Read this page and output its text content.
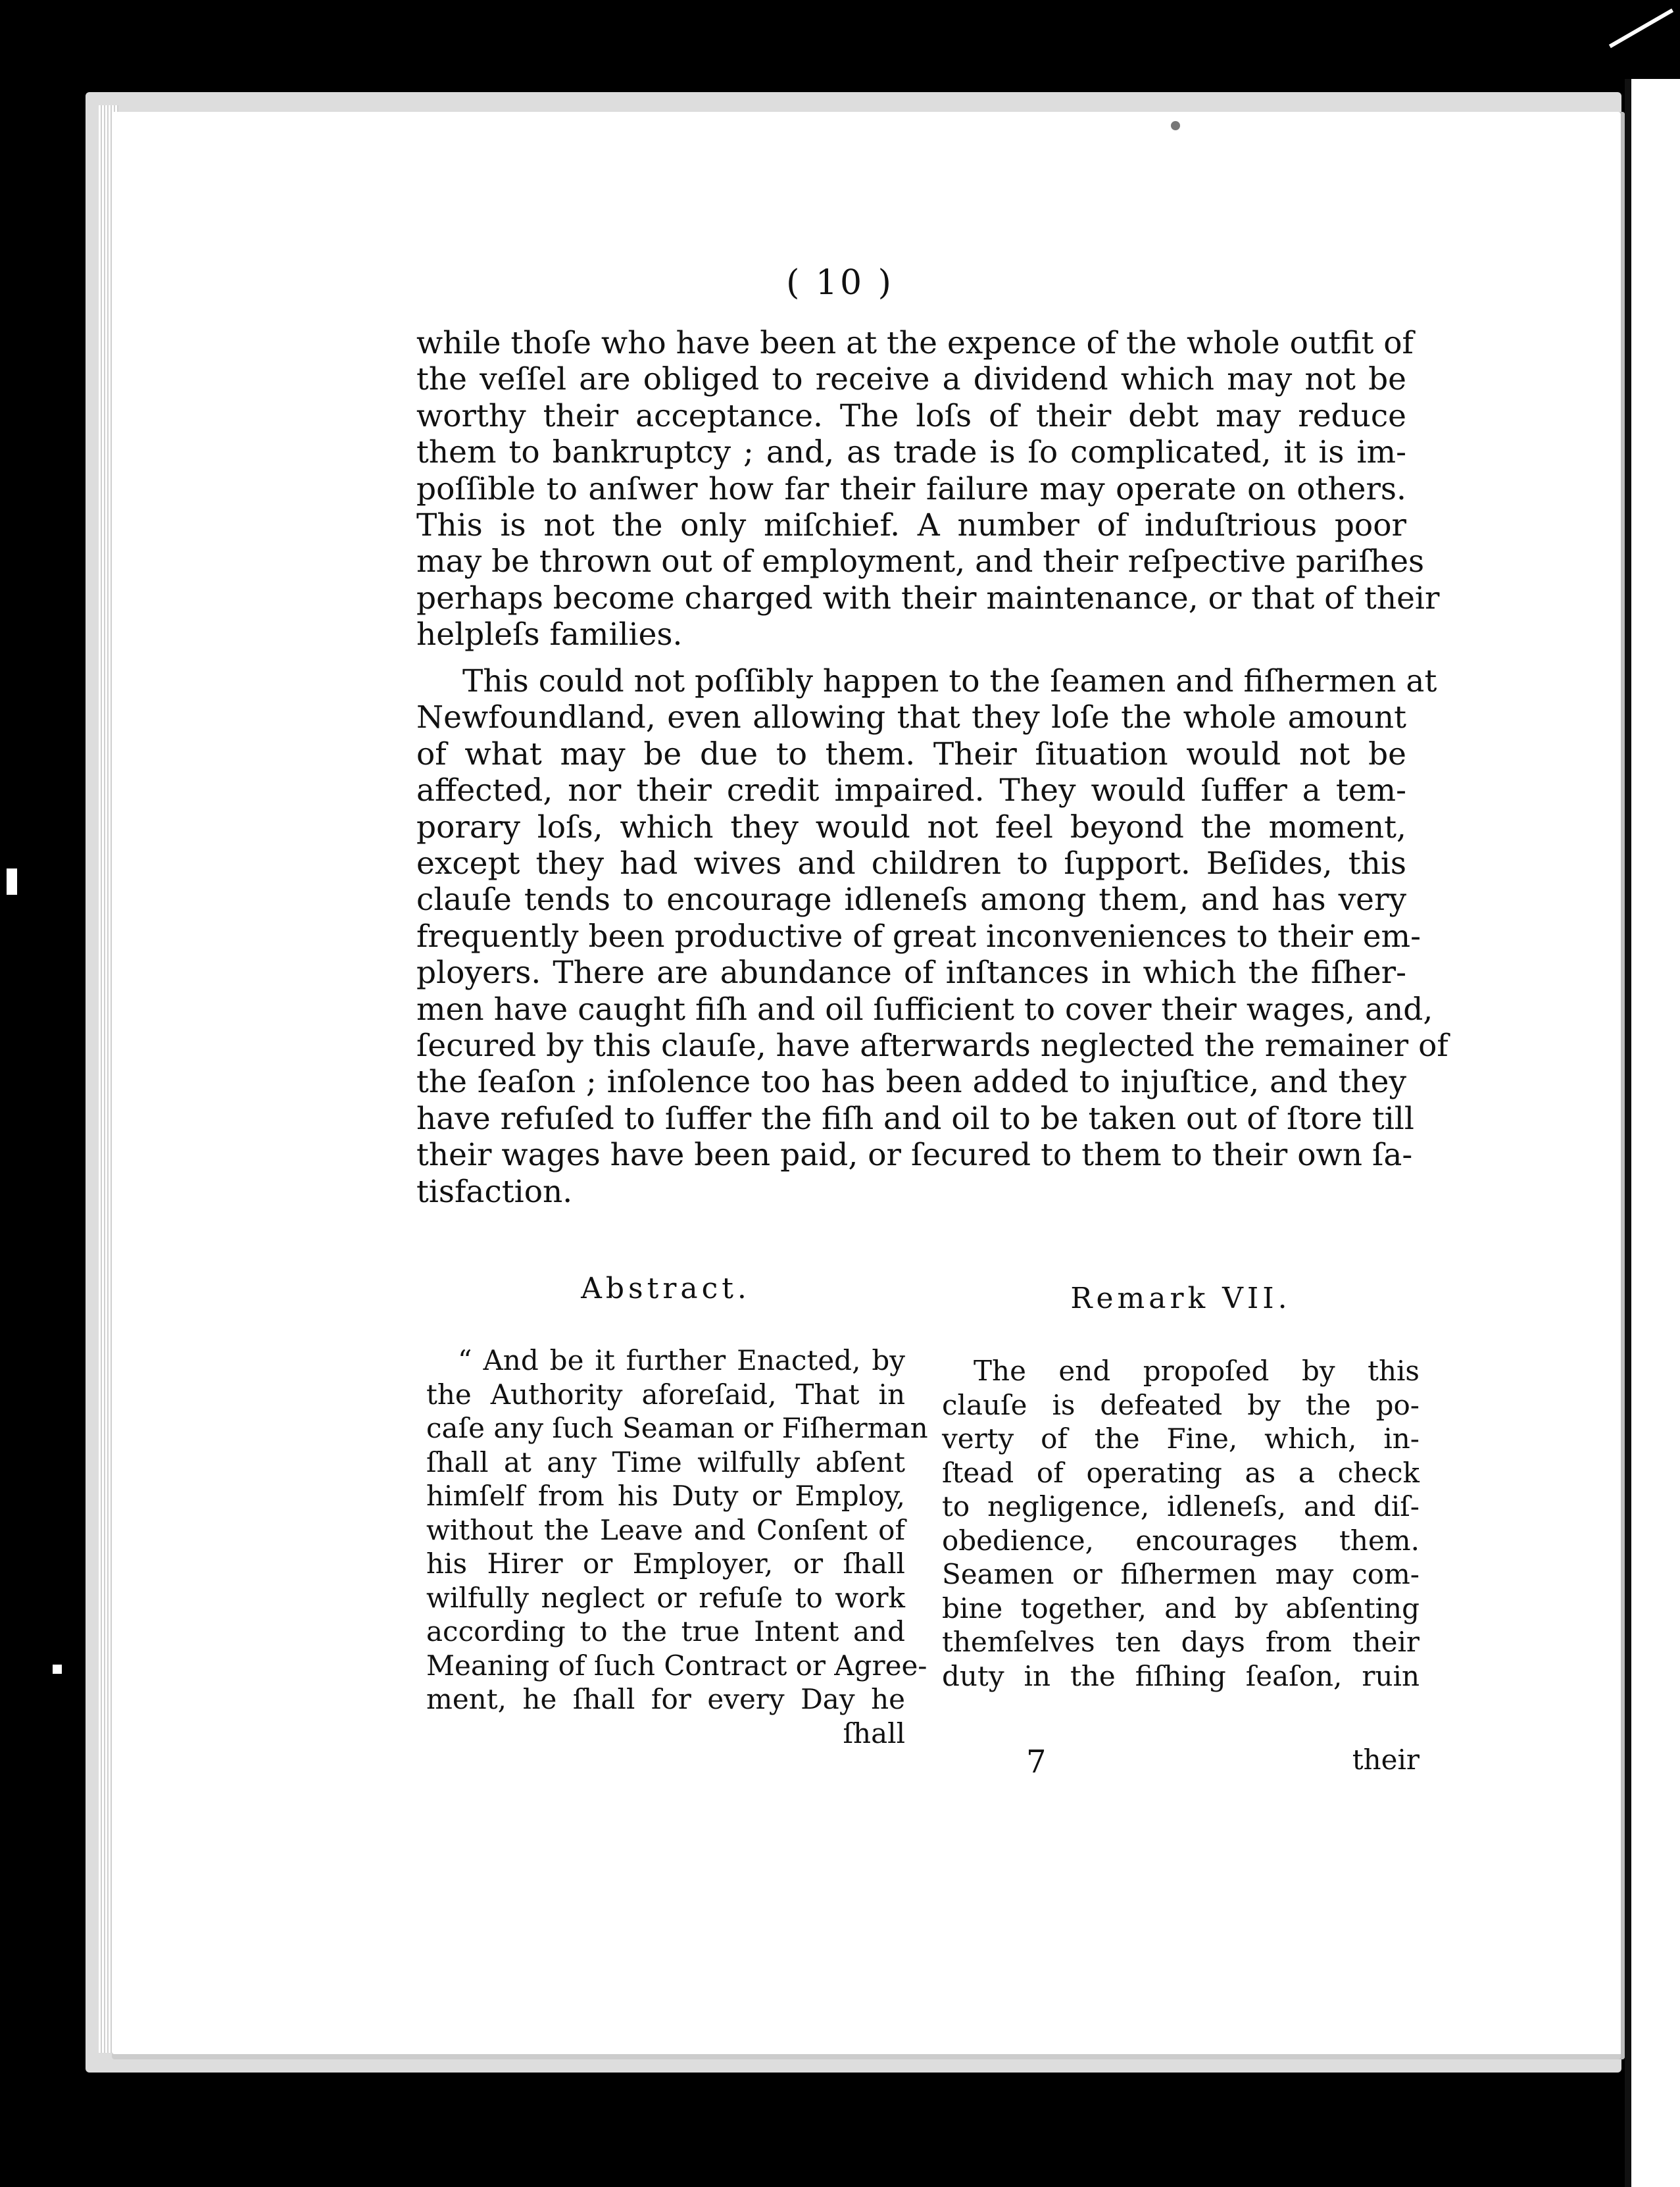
( 10 )
while thoſe who have been at the expence of the whole outfit of
the veſſel are obliged to receive a dividend which may not be
worthy their acceptance. The loſs of their debt may reduce
them to bankruptcy ; and, as trade is ſo complicated, it is im-
poſſible to anſwer how far their failure may operate on others.
This is not the only miſchief. A number of induſtrious poor
may be thrown out of employment, and their reſpective pariſhes
perhaps become charged with their maintenance, or that of their
helpleſs families.
This could not poſſibly happen to the ſeamen and fiſhermen at
Newfoundland, even allowing that they loſe the whole amount
of what may be due to them. Their ſituation would not be
affected, nor their credit impaired. They would ſuffer a tem-
porary loſs, which they would not feel beyond the moment,
except they had wives and children to ſupport. Beſides, this
clauſe tends to encourage idleneſs among them, and has very
frequently been productive of great inconveniences to their em-
ployers. There are abundance of inſtances in which the fiſher-
men have caught fiſh and oil ſufficient to cover their wages, and,
ſecured by this clauſe, have afterwards neglected the remainer of
the ſeaſon ; inſolence too has been added to injuſtice, and they
have refuſed to ſuffer the fiſh and oil to be taken out of ſtore till
their wages have been paid, or ſecured to them to their own ſa-
tisfaction.
Abstract.	Remark VII.
“ And be it further Enacted, by
the Authority aforeſaid, That in
caſe any ſuch Seaman or Fiſherman
ſhall at any Time wilfully abſent
himſelf from his Duty or Employ,
without the Leave and Conſent of
his Hirer or Employer, or ſhall
wilfully neglect or refuſe to work
according to the true Intent and
Meaning of ſuch Contract or Agree-
ment, he ſhall for every Day he
ſhall
The end propoſed by this
clauſe is defeated by the po-
verty of the Fine, which, in-
ſtead of operating as a check
to negligence, idleneſs, and diſ-
obedience, encourages them.
Seamen or fiſhermen may com-
bine together, and by abſenting
themſelves ten days from their
duty in the fiſhing ſeaſon, ruin
7	their
